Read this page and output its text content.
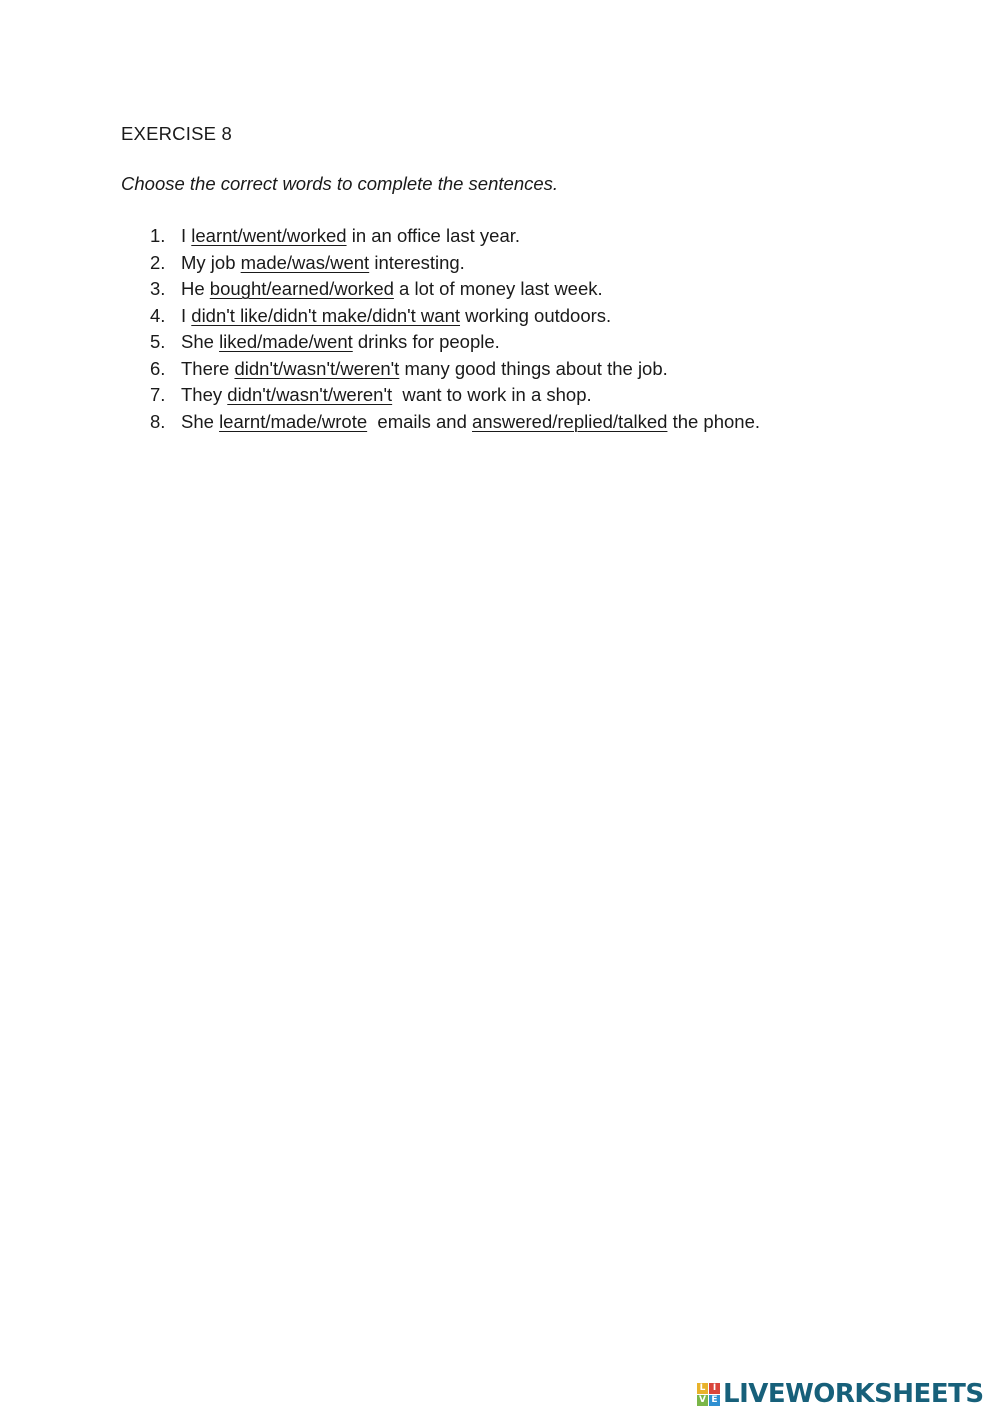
EXERCISE 8
Choose the correct words to complete the sentences.
1. I learnt/went/worked in an office last year.
2. My job made/was/went interesting.
3. He bought/earned/worked a lot of money last week.
4. I didn't like/didn't make/didn't want working outdoors.
5. She liked/made/went drinks for people.
6. There didn't/wasn't/weren't many good things about the job.
7. They didn't/wasn't/weren't  want to work in a shop.
8. She learnt/made/wrote  emails and answered/replied/talked the phone.
L I
V E LIVEWORKSHEETS
